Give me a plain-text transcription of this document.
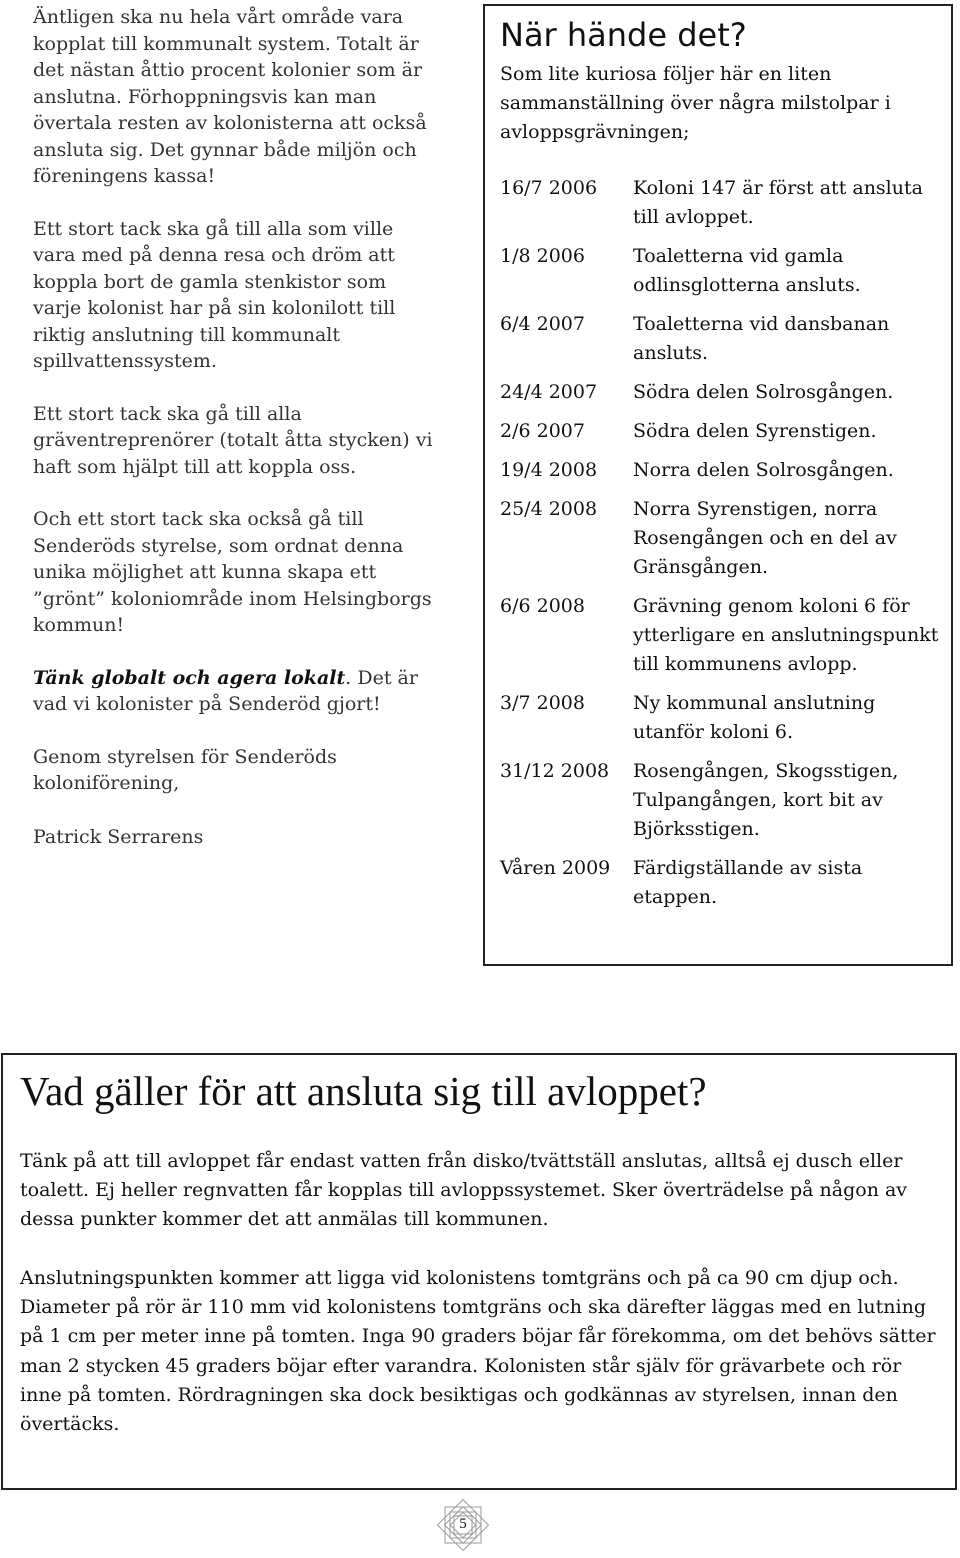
Äntligen ska nu hela vårt område vara kopplat till kommunalt system. Totalt är det nästan åttio procent kolonier som är anslutna. Förhoppningsvis kan man övertala resten av kolonisterna att också ansluta sig. Det gynnar både miljön och föreningens kassa!

Ett stort tack ska gå till alla som ville vara med på denna resa och dröm att koppla bort de gamla stenkistor som varje kolonist har på sin kolonilott till riktig anslutning till kommunalt spillvattenssystem.

Ett stort tack ska gå till alla gräventreprenörer (totalt åtta stycken) vi haft som hjälpt till att koppla oss.

Och ett stort tack ska också gå till Senderöds styrelse, som ordnat denna unika möjlighet att kunna skapa ett ”grönt” koloniområde inom Helsingborgs kommun!

Tänk globalt och agera lokalt. Det är vad vi kolonister på Senderöd gjort!

Genom styrelsen för Senderöds koloniförening,

Patrick Serrarens

När hände det?

Som lite kuriosa följer här en liten sammanställning över några milstolpar i avloppsgrävningen;

16/7 2006	Koloni 147 är först att ansluta till avloppet.
1/8 2006	Toaletterna vid gamla odlinsglotterna ansluts.
6/4 2007	Toaletterna vid dansbanan ansluts.
24/4 2007	Södra delen Solrosgången.
2/6 2007	Södra delen Syrenstigen.
19/4 2008	Norra delen Solrosgången.
25/4 2008	Norra Syrenstigen, norra Rosengången och en del av Gränsgången.
6/6 2008	Grävning genom koloni 6 för ytterligare en anslutningspunkt till kommunens avlopp.
3/7 2008	Ny kommunal anslutning utanför koloni 6.
31/12 2008	Rosengången, Skogsstigen, Tulpangången, kort bit av Björksstigen.
Våren 2009	Färdigställande av sista etappen.
Vad gäller för att ansluta sig till avloppet?

Tänk på att till avloppet får endast vatten från disko/tvättställ anslutas, alltså ej dusch eller toalett. Ej heller regnvatten får kopplas till avloppssystemet. Sker överträdelse på någon av dessa punkter kommer det att anmälas till kommunen.

Anslutningspunkten kommer att ligga vid kolonistens tomtgräns och på ca 90 cm djup och. Diameter på rör är 110 mm vid kolonistens tomtgräns och ska därefter läggas med en lutning på 1 cm per meter inne på tomten. Inga 90 graders böjar får förekomma, om det behövs sätter man 2 stycken 45 graders böjar efter varandra. Kolonisten står själv för grävarbete och rör inne på tomten. Rördragningen ska dock besiktigas och godkännas av styrelsen, innan den övertäcks.

5
